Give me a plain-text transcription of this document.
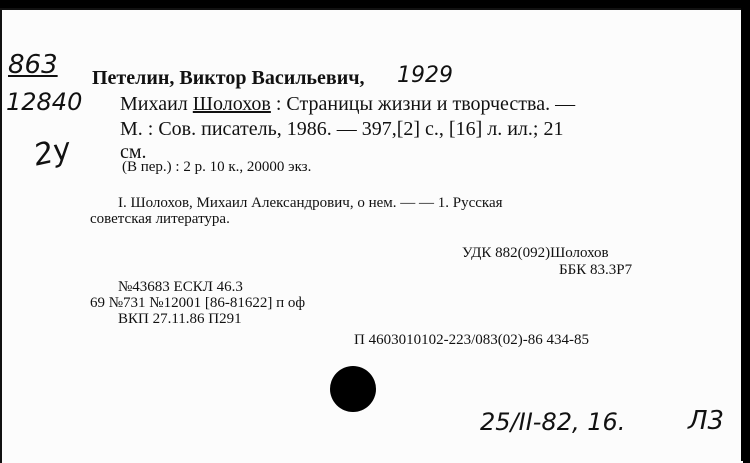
863
12840
2у
Петелин, Виктор Васильевич, 1929
Михаил Шолохов : Страницы жизни и творчества. —
М. : Сов. писатель, 1986. — 397,[2] с., [16] л. ил.; 21
см.
(В пер.) : 2 р. 10 к., 20000 экз.
I. Шолохов, Михаил Александрович, о нем. — — 1. Русская
советская литература.
УДК 882(092)Шолохов
ББК 83.3Р7
№43683 ЕСКЛ 46.3
69 №731 №12001 [86-81622] п оф
ВКП 27.11.86 П291
П 4603010102-223/083(02)-86 434-85
25/II-82, 16. Л3
